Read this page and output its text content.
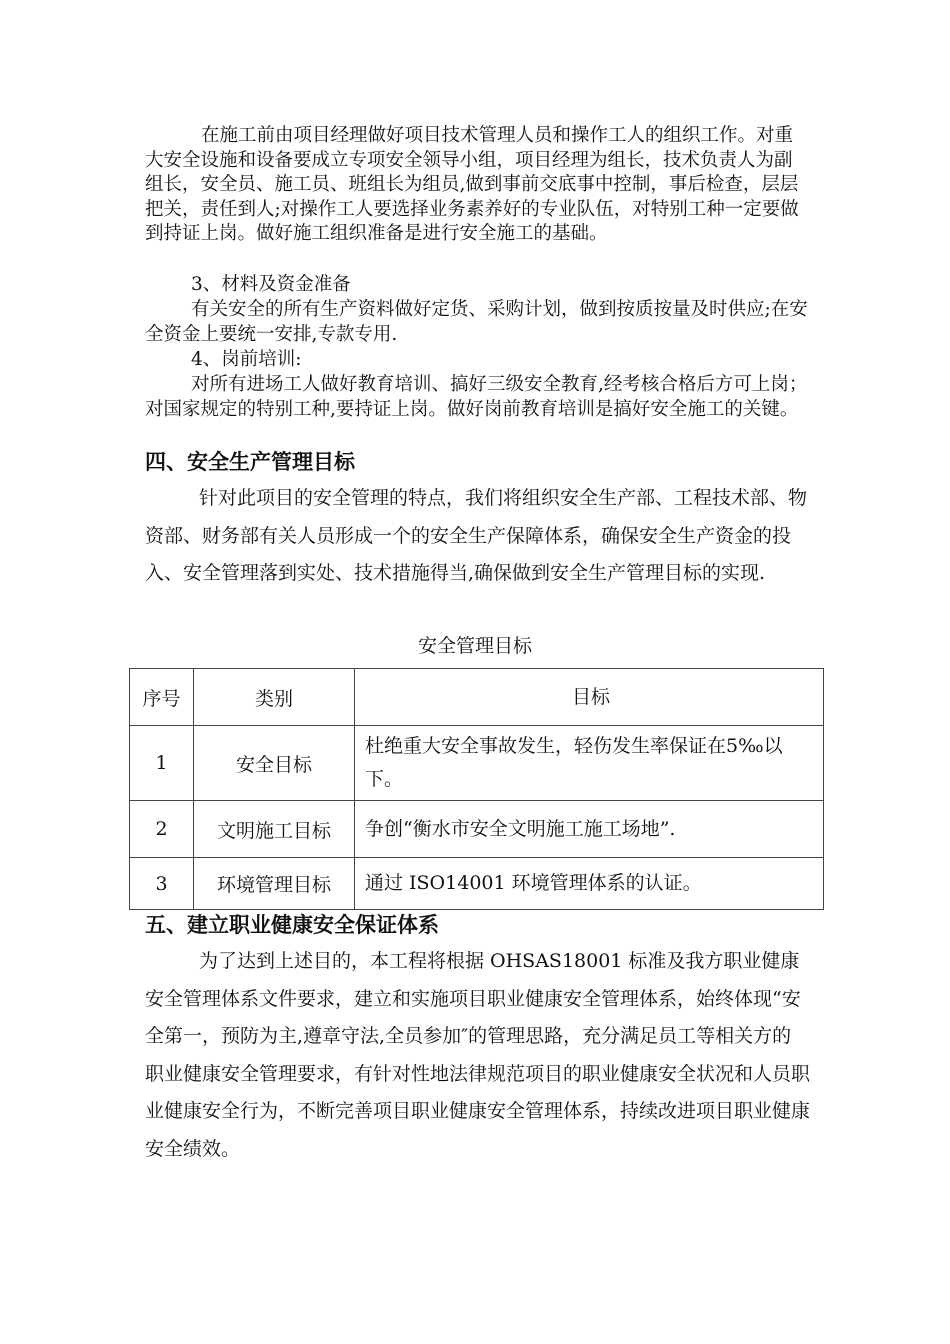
在施工前由项目经理做好项目技术管理人员和操作工人的组织工作。对重大安全设施和设备要成立专项安全领导小组，项目经理为组长，技术负责人为副组长，安全员、施工员、班组长为组员,做到事前交底事中控制，事后检查，层层把关，责任到人;对操作工人要选择业务素养好的专业队伍，对特别工种一定要做到持证上岗。做好施工组织准备是进行安全施工的基础。

3、材料及资金准备

有关安全的所有生产资料做好定货、采购计划，做到按质按量及时供应;在安全资金上要统一安排,专款专用.

4、岗前培训:

对所有进场工人做好教育培训、搞好三级安全教育,经考核合格后方可上岗；对国家规定的特别工种,要持证上岗。做好岗前教育培训是搞好安全施工的关键。

四、安全生产管理目标

针对此项目的安全管理的特点，我们将组织安全生产部、工程技术部、物资部、财务部有关人员形成一个的安全生产保障体系，确保安全生产资金的投入、安全管理落到实处、技术措施得当,确保做到安全生产管理目标的实现.

安全管理目标
序号	类别	目标
1	安全目标	杜绝重大安全事故发生，轻伤发生率保证在5‰以下。
2	文明施工目标	争创“衡水市安全文明施工施工场地”.
3	环境管理目标	通过 ISO14001 环境管理体系的认证。
五、建立职业健康安全保证体系

为了达到上述目的，本工程将根据 OHSAS18001 标准及我方职业健康安全管理体系文件要求，建立和实施项目职业健康安全管理体系，始终体现“安全第一，预防为主,遵章守法,全员参加″的管理思路，充分满足员工等相关方的职业健康安全管理要求，有针对性地法律规范项目的职业健康安全状况和人员职业健康安全行为，不断完善项目职业健康安全管理体系，持续改进项目职业健康安全绩效。
